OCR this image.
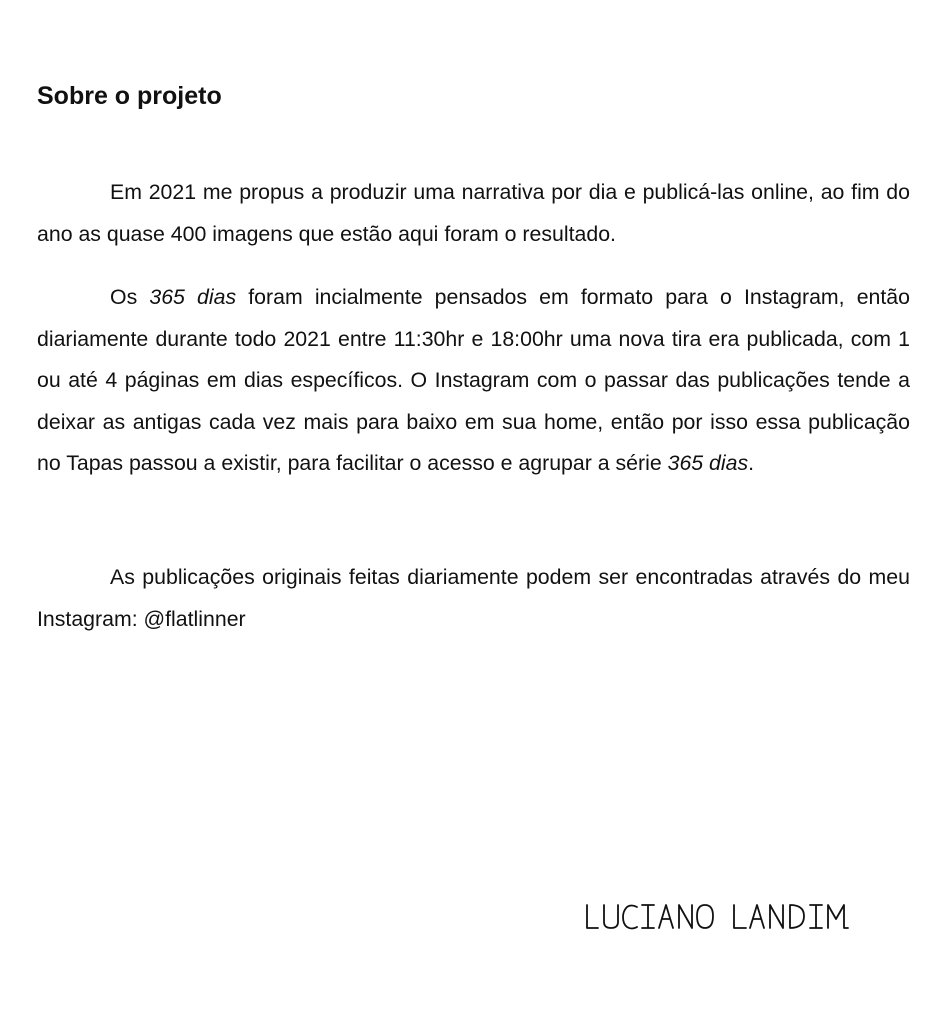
Sobre o projeto

Em 2021 me propus a produzir uma narrativa por dia e publicá-las online, ao fim do ano as quase 400 imagens que estão aqui foram o resultado.

Os 365 dias foram incialmente pensados em formato para o Instagram, então diariamente durante todo 2021 entre 11:30hr e 18:00hr uma nova tira era publicada, com 1 ou até 4 páginas em dias específicos. O Instagram com o passar das publicações tende a deixar as antigas cada vez mais para baixo em sua home, então por isso essa publicação no Tapas passou a existir, para facilitar o acesso e agrupar a série 365 dias.

As publicações originais feitas diariamente podem ser encontradas através do meu Instagram: @flatlinner
